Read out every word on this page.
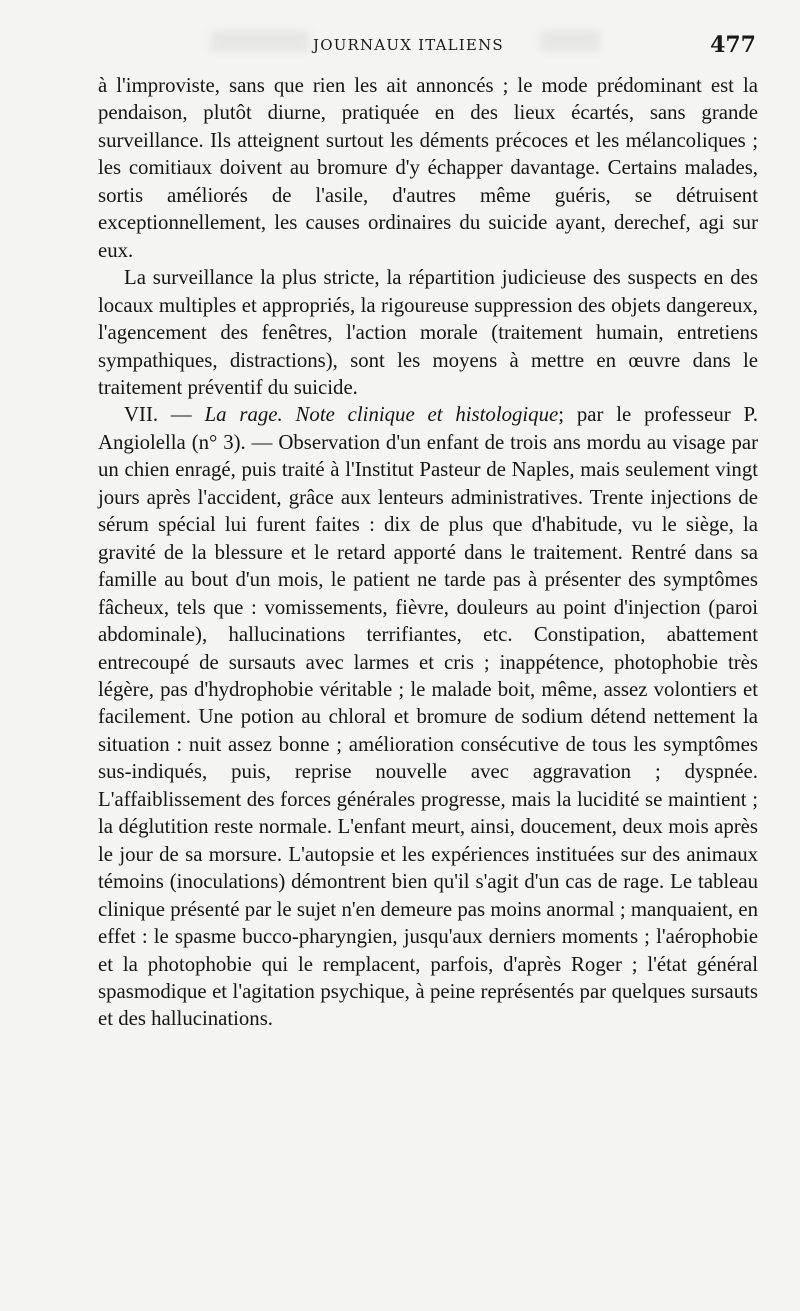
JOURNAUX ITALIENS	477

à l'improviste, sans que rien les ait annoncés ; le mode prédominant est la pendaison, plutôt diurne, pratiquée en des lieux écartés, sans grande surveillance. Ils atteignent surtout les déments précoces et les mélancoliques ; les comitiaux doivent au bromure d'y échapper davantage. Certains malades, sortis améliorés de l'asile, d'autres même guéris, se détruisent exceptionnellement, les causes ordinaires du suicide ayant, derechef, agi sur eux.

La surveillance la plus stricte, la répartition judicieuse des suspects en des locaux multiples et appropriés, la rigoureuse suppression des objets dangereux, l'agencement des fenêtres, l'action morale (traitement humain, entretiens sympathiques, distractions), sont les moyens à mettre en œuvre dans le traitement préventif du suicide.

VII. — La rage. Note clinique et histologique; par le professeur P. Angiolella (n° 3). — Observation d'un enfant de trois ans mordu au visage par un chien enragé, puis traité à l'Institut Pasteur de Naples, mais seulement vingt jours après l'accident, grâce aux lenteurs administratives. Trente injections de sérum spécial lui furent faites : dix de plus que d'habitude, vu le siège, la gravité de la blessure et le retard apporté dans le traitement. Rentré dans sa famille au bout d'un mois, le patient ne tarde pas à présenter des symptômes fâcheux, tels que : vomissements, fièvre, douleurs au point d'injection (paroi abdominale), hallucinations terrifiantes, etc. Constipation, abattement entrecoupé de sursauts avec larmes et cris ; inappétence, photophobie très légère, pas d'hydrophobie véritable ; le malade boit, même, assez volontiers et facilement. Une potion au chloral et bromure de sodium détend nettement la situation : nuit assez bonne ; amélioration consécutive de tous les symptômes sus-indiqués, puis, reprise nouvelle avec aggravation ; dyspnée. L'affaiblissement des forces générales progresse, mais la lucidité se maintient ; la déglutition reste normale. L'enfant meurt, ainsi, doucement, deux mois après le jour de sa morsure. L'autopsie et les expériences instituées sur des animaux témoins (inoculations) démontrent bien qu'il s'agit d'un cas de rage. Le tableau clinique présenté par le sujet n'en demeure pas moins anormal ; manquaient, en effet : le spasme bucco-pharyngien, jusqu'aux derniers moments ; l'aérophobie et la photophobie qui le remplacent, parfois, d'après Roger ; l'état général spasmodique et l'agitation psychique, à peine représentés par quelques sursauts et des hallucinations.
